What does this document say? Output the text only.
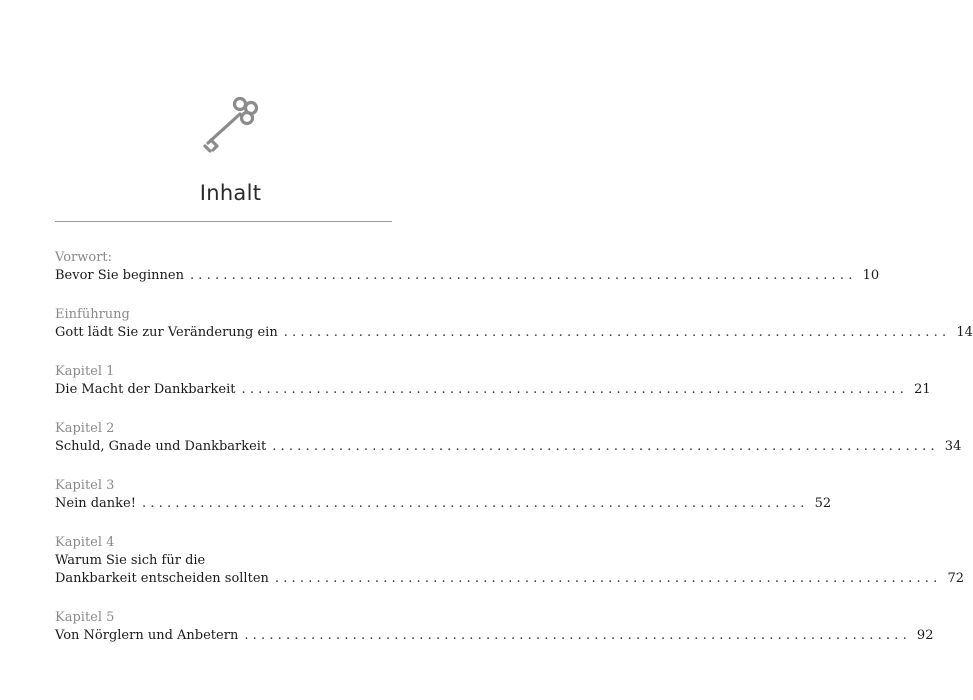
Inhalt
Vorwort:
Bevor Sie beginnen ................................................................................ 10
Einführung
Gott lädt Sie zur Veränderung ein ................................................................................ 14
Kapitel 1
Die Macht der Dankbarkeit ................................................................................ 21
Kapitel 2
Schuld, Gnade und Dankbarkeit ................................................................................ 34
Kapitel 3
Nein danke! ................................................................................ 52
Kapitel 4
Warum Sie sich für die
Dankbarkeit entscheiden sollten ................................................................................ 72
Kapitel 5
Von Nörglern und Anbetern ................................................................................ 92
